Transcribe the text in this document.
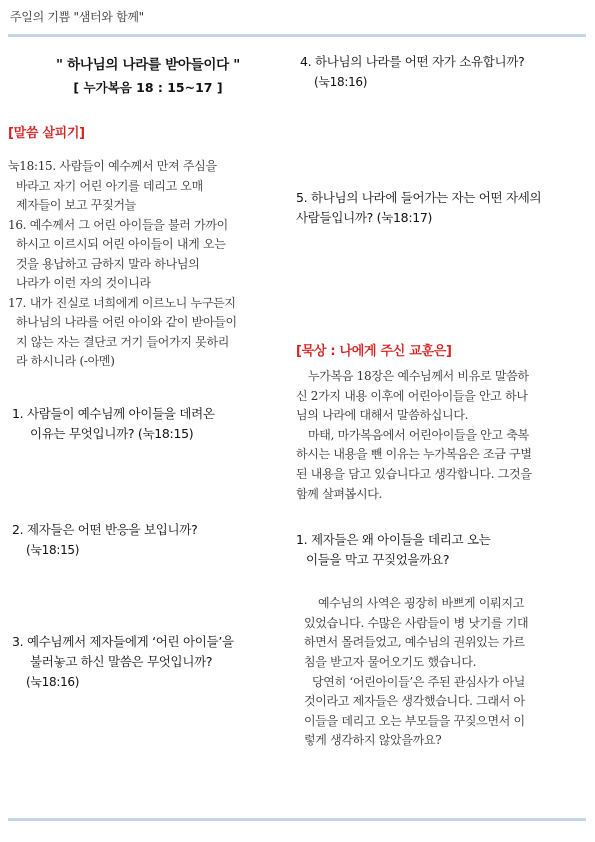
주일의 기쁨 "샘터와 함께"
" 하나님의 나라를 받아들이다 "
[ 누가복음 18 : 15~17 ]
[말씀 살피기]
눅18:15. 사람들이 예수께서 만져 주심을
바라고 자기 어린 아기를 데리고 오매
제자들이 보고 꾸짖거늘
16. 예수께서 그 어린 아이들을 불러 가까이
하시고 이르시되 어린 아이들이 내게 오는
것을 용납하고 금하지 말라 하나님의
나라가 이런 자의 것이니라
17. 내가 진실로 너희에게 이르노니 누구든지
하나님의 나라를 어린 아이와 같이 받아들이
지 않는 자는 결단코 거기 들어가지 못하리
라 하시니라 (-아멘)
1. 사람들이 예수님께 아이들을 데려온
이유는 무엇입니까? (눅18:15)
2. 제자들은 어떤 반응을 보입니까?
(눅18:15)
3. 예수님께서 제자들에게 ‘어린 아이들’을
불러놓고 하신 말씀은 무엇입니까?
(눅18:16)
4. 하나님의 나라를 어떤 자가 소유합니까?
(눅18:16)
5. 하나님의 나라에 들어가는 자는 어떤 자세의
사람들입니까? (눅18:17)
[묵상 : 나에게 주신 교훈은]
누가복음 18장은 예수님께서 비유로 말씀하
신 2가지 내용 이후에 어린아이들을 안고 하나
님의 나라에 대해서 말씀하십니다.
마태, 마가복음에서 어린아이들을 안고 축복
하시는 내용을 뺀 이유는 누가복음은 조금 구별
된 내용을 담고 있습니다고 생각합니다. 그것을
함께 살펴봅시다.
1. 제자들은 왜 아이들을 데리고 오는
이들을 막고 꾸짖었을까요?
예수님의 사역은 굉장히 바쁘게 이뤄지고
있었습니다. 수많은 사람들이 병 낫기를 기대
하면서 몰려들었고, 예수님의 권위있는 가르
침을 받고자 물어오기도 했습니다.
당연히 ‘어린아이들’은 주된 관심사가 아닐
것이라고 제자들은 생각했습니다. 그래서 아
이들을 데리고 오는 부모들을 꾸짖으면서 이
렇게 생각하지 않았을까요?
